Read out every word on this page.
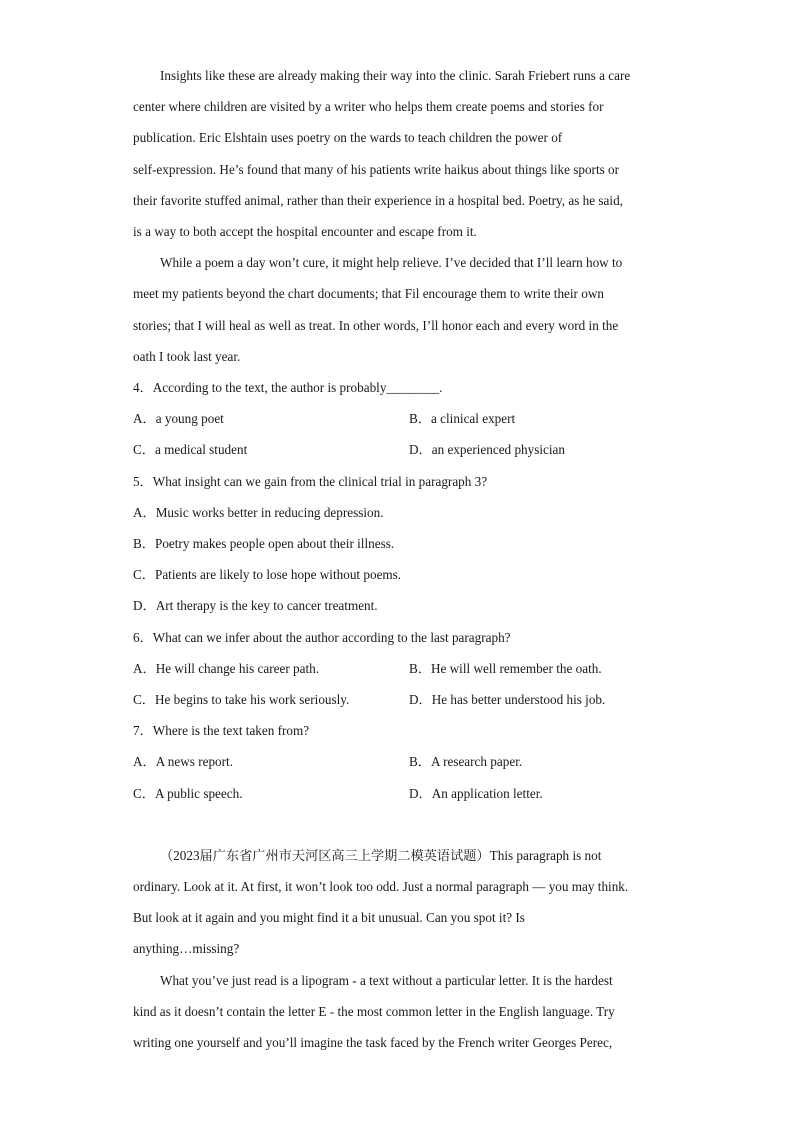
Insights like these are already making their way into the clinic. Sarah Friebert runs a care
center where children are visited by a writer who helps them create poems and stories for
publication. Eric Elshtain uses poetry on the wards to teach children the power of
self-expression. He’s found that many of his patients write haikus about things like sports or
their favorite stuffed animal, rather than their experience in a hospital bed. Poetry, as he said,
is a way to both accept the hospital encounter and escape from it.
While a poem a day won’t cure, it might help relieve. I’ve decided that I’ll learn how to
meet my patients beyond the chart documents; that Fil encourage them to write their own
stories; that I will heal as well as treat. In other words, I’ll honor each and every word in the
oath I took last year.

4．According to the text, the author is probably________.

A．a young poet	B．a clinical expert
C．a medical student	D．an experienced physician

5．What insight can we gain from the clinical trial in paragraph 3?

A．Music works better in reducing depression.

B．Poetry makes people open about their illness.

C．Patients are likely to lose hope without poems.

D．Art therapy is the key to cancer treatment.

6．What can we infer about the author according to the last paragraph?

A．He will change his career path.	B．He will well remember the oath.
C．He begins to take his work seriously.	D．He has better understood his job.

7．Where is the text taken from?

A．A news report.	B．A research paper.
C．A public speech.	D．An application letter.
（2023届广东省广州市天河区高三上学期二模英语试题）This paragraph is not
ordinary. Look at it. At first, it won’t look too odd. Just a normal paragraph — you may think.
But look at it again and you might find it a bit unusual. Can you spot it? Is
anything…missing?
What you’ve just read is a lipogram - a text without a particular letter. It is the hardest
kind as it doesn’t contain the letter E - the most common letter in the English language. Try
writing one yourself and you’ll imagine the task faced by the French writer Georges Perec,
